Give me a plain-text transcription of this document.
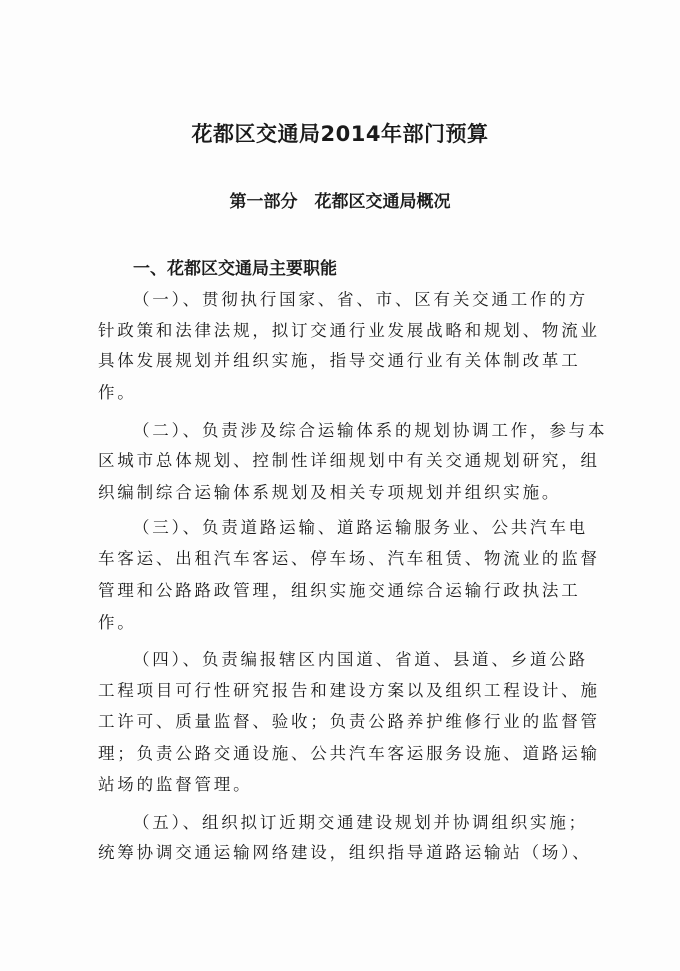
花都区交通局2014年部门预算
第一部分　花都区交通局概况
一、花都区交通局主要职能
（一）、贯彻执行国家、省、市、区有关交通工作的方
针政策和法律法规，拟订交通行业发展战略和规划、物流业
具体发展规划并组织实施，指导交通行业有关体制改革工
作。
（二）、负责涉及综合运输体系的规划协调工作，参与本
区城市总体规划、控制性详细规划中有关交通规划研究，组
织编制综合运输体系规划及相关专项规划并组织实施。
（三）、负责道路运输、道路运输服务业、公共汽车电
车客运、出租汽车客运、停车场、汽车租赁、物流业的监督
管理和公路路政管理，组织实施交通综合运输行政执法工
作。
（四）、负责编报辖区内国道、省道、县道、乡道公路
工程项目可行性研究报告和建设方案以及组织工程设计、施
工许可、质量监督、验收；负责公路养护维修行业的监督管
理；负责公路交通设施、公共汽车客运服务设施、道路运输
站场的监督管理。
（五）、组织拟订近期交通建设规划并协调组织实施；
统筹协调交通运输网络建设，组织指导道路运输站（场）、
